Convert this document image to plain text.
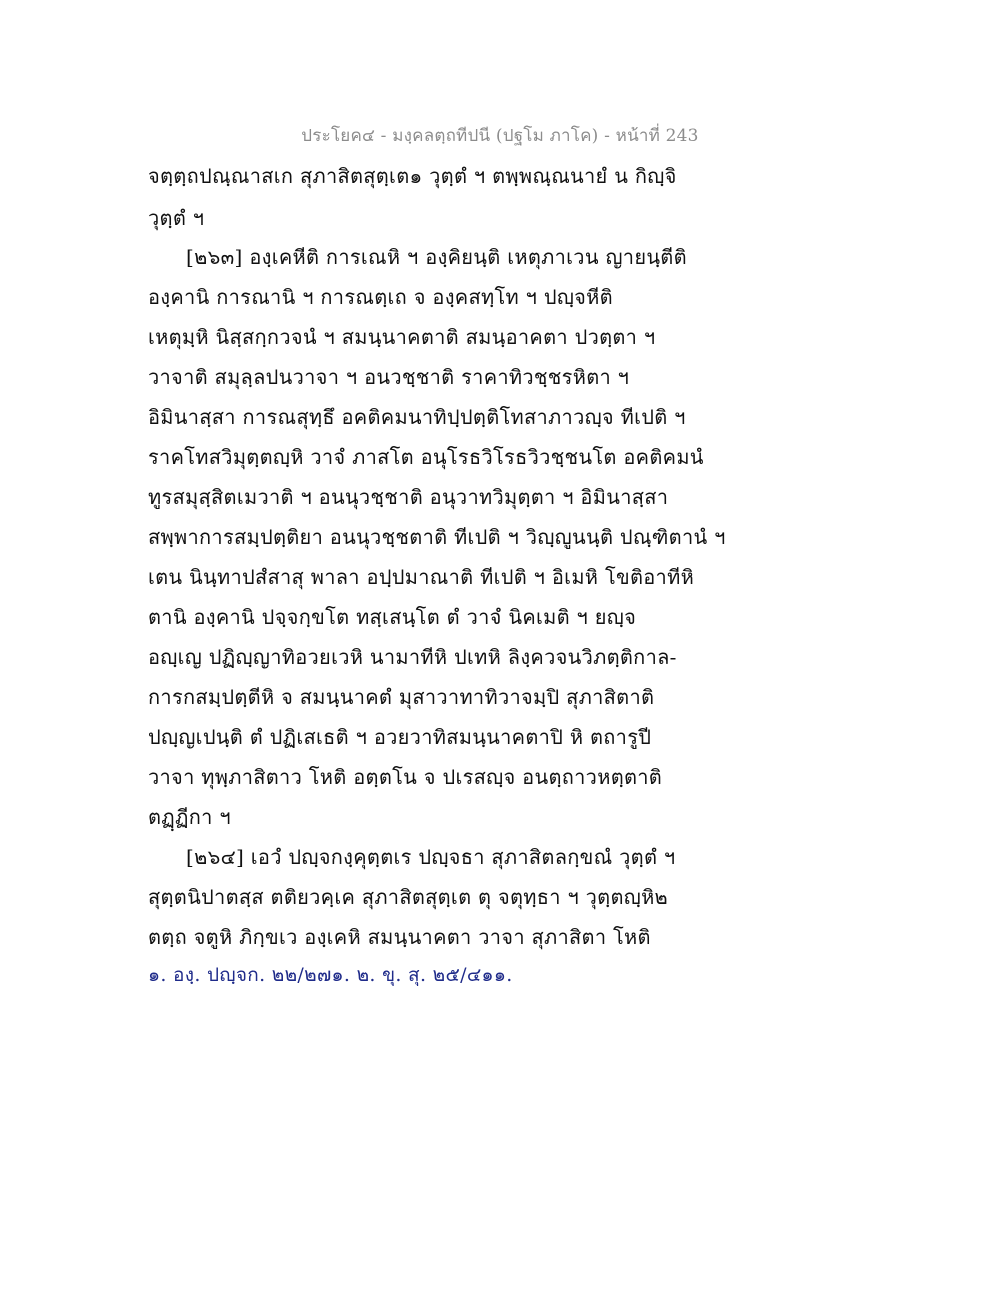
ประโยค๔ - มงฺคลตฺถทีปนี (ปฐโม ภาโค) - หน้าที่ 243
จตฺตฺถปณฺณาสเก สุภาสิตสุตฺเต๑ วุตฺตํ ฯ ตพฺพณฺณนายํ น กิญฺจิ
วุตฺตํ ฯ
[๒๖๓] องฺเคหีติ การเณหิ ฯ องฺคิยนฺติ เหตุภาเวน ญายนฺตีติ
องฺคานิ การณานิ ฯ การณตฺเถ จ องฺคสทฺโท ฯ ปญฺจหีติ
เหตุมฺหิ นิสฺสกฺกวจนํ ฯ สมนฺนาคตาติ สมนฺอาคตา ปวตฺตา ฯ
วาจาติ สมุลฺลปนวาจา ฯ อนวชฺชาติ ราคาทิวชฺชรหิตา ฯ
อิมินาสฺสา การณสุทฺธึ อคติคมนาทิปฺปตฺติโทสาภาวญฺจ ทีเปติ ฯ
ราคโทสวิมุตฺตญฺหิ วาจํ ภาสโต อนุโรธวิโรธวิวชฺชนโต อคติคมนํ
ทูรสมุสฺสิตเมวาติ ฯ อนนุวชฺชาติ อนุวาทวิมุตฺตา ฯ อิมินาสฺสา
สพฺพาการสมฺปตฺติยา อนนุวชฺชตาติ ทีเปติ ฯ วิญฺญูนนฺติ ปณฺฑิตานํ ฯ
เตน นินฺทาปสํสาสุ พาลา อปฺปมาณาติ ทีเปติ ฯ อิเมหิ โขติอาทีหิ
ตานิ องฺคานิ ปจฺจกฺขโต ทสฺเสนฺโต ตํ วาจํ นิคเมติ ฯ ยญฺจ
อญฺเญ ปฏิญฺญาทิอวยเวหิ นามาทีหิ ปเทหิ ลิงฺควจนวิภตฺติกาล-
การกสมฺปตฺตีหิ จ สมนฺนาคตํ มุสาวาทาทิวาจมฺปิ สุภาสิตาติ
ปญฺญเปนฺติ ตํ ปฏิเสเธติ ฯ อวยวาทิสมนฺนาคตาปิ หิ ตถารูปี
วาจา ทุพฺภาสิตาว โหติ อตฺตโน จ ปเรสญฺจ อนตฺถาวหตฺตาติ
ตฏฺฏีกา ฯ
[๒๖๔] เอวํ ปญฺจกงฺคุตฺตเร ปญฺจธา สุภาสิตลกฺขณํ วุตฺตํ ฯ
สุตฺตนิปาตสฺส ตติยวคฺเค สุภาสิตสุตฺเต ตุ จตุทฺธา ฯ วุตฺตญฺหิ๒
ตตฺถ จตูหิ ภิกฺขเว องฺเคหิ สมนฺนาคตา วาจา สุภาสิตา โหติ
๑. องฺ. ปญฺจก. ๒๒/๒๗๑. ๒. ขุ. สุ. ๒๕/๔๑๑.
